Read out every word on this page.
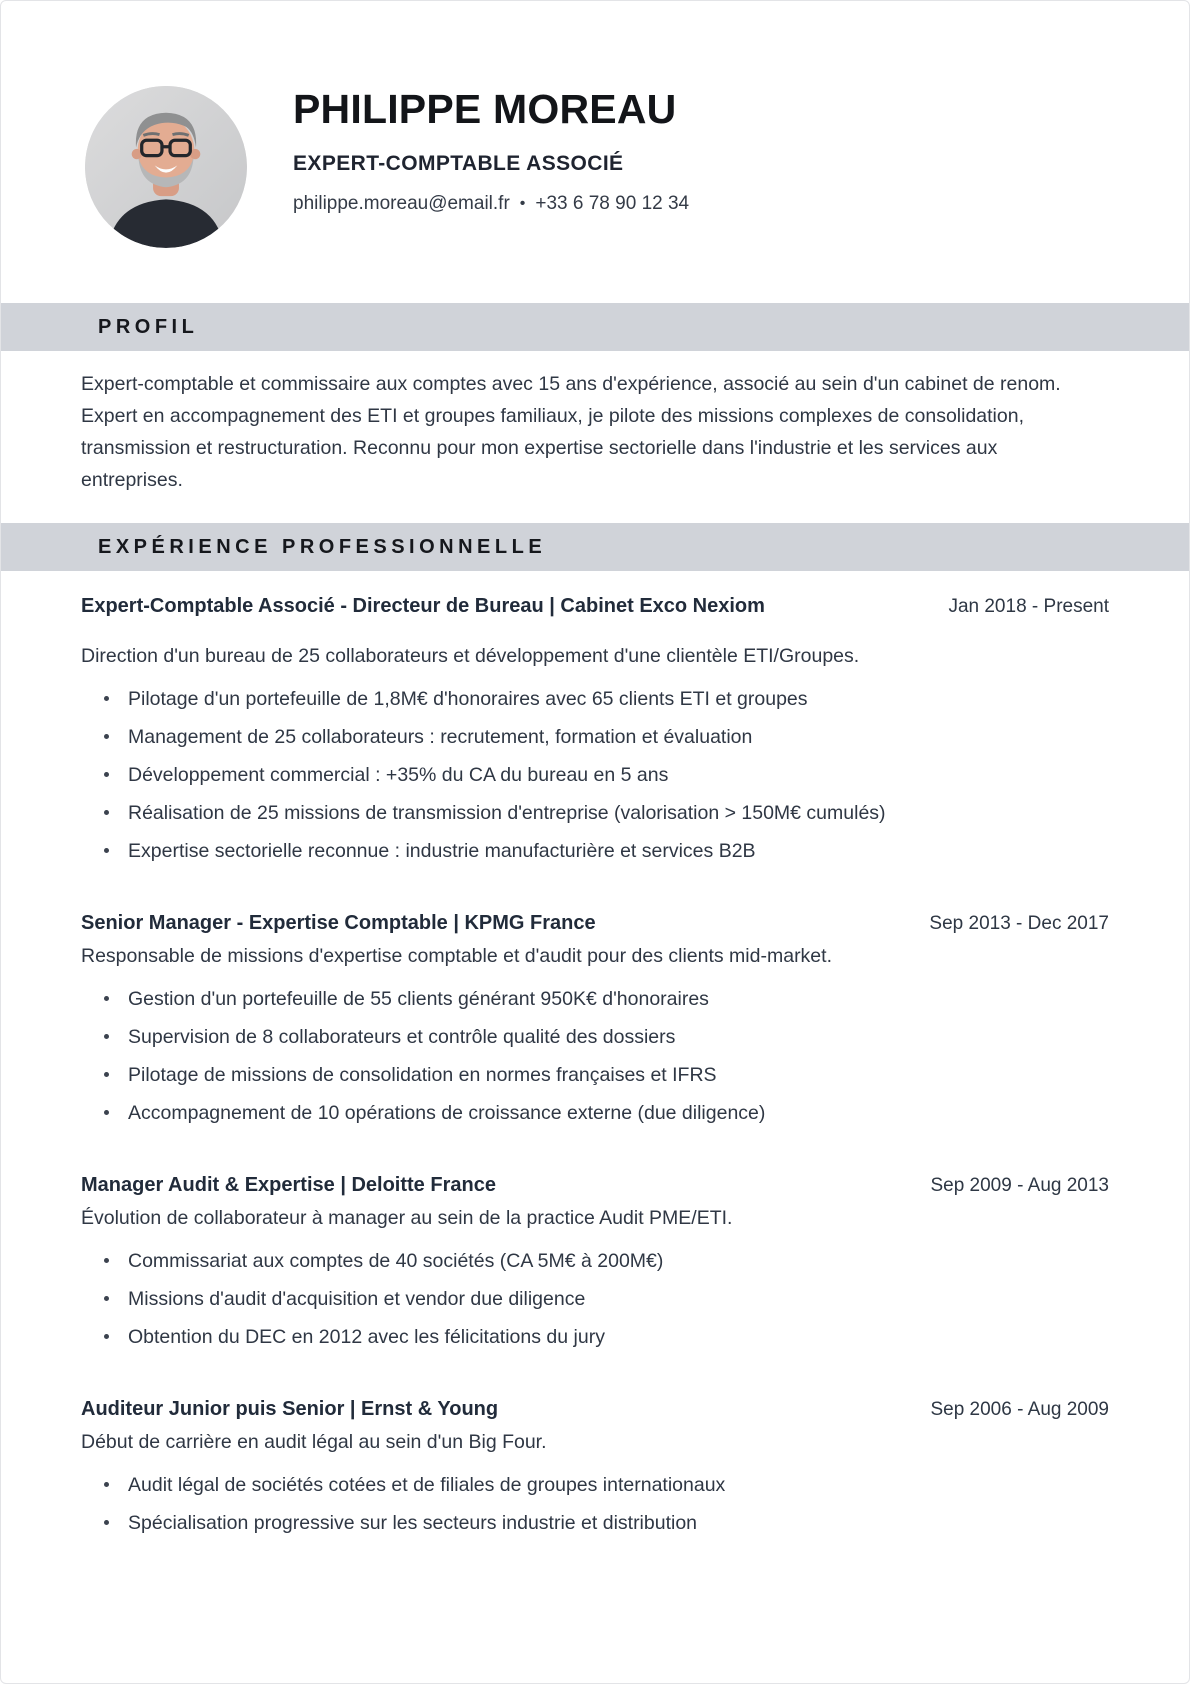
PHILIPPE MOREAU
EXPERT-COMPTABLE ASSOCIÉ
philippe.moreau@email.fr • +33 6 78 90 12 34
PROFIL

Expert-comptable et commissaire aux comptes avec 15 ans d'expérience, associé au sein d'un cabinet de renom. Expert en accompagnement des ETI et groupes familiaux, je pilote des missions complexes de consolidation, transmission et restructuration. Reconnu pour mon expertise sectorielle dans l'industrie et les services aux entreprises.

EXPÉRIENCE PROFESSIONNELLE
Expert-Comptable Associé - Directeur de Bureau | Cabinet Exco Nexiom	Jan 2018 - Present
Direction d'un bureau de 25 collaborateurs et développement d'une clientèle ETI/Groupes.
Pilotage d'un portefeuille de 1,8M€ d'honoraires avec 65 clients ETI et groupes
Management de 25 collaborateurs : recrutement, formation et évaluation
Développement commercial : +35% du CA du bureau en 5 ans
Réalisation de 25 missions de transmission d'entreprise (valorisation > 150M€ cumulés)
Expertise sectorielle reconnue : industrie manufacturière et services B2B
Senior Manager - Expertise Comptable | KPMG France	Sep 2013 - Dec 2017
Responsable de missions d'expertise comptable et d'audit pour des clients mid-market.
Gestion d'un portefeuille de 55 clients générant 950K€ d'honoraires
Supervision de 8 collaborateurs et contrôle qualité des dossiers
Pilotage de missions de consolidation en normes françaises et IFRS
Accompagnement de 10 opérations de croissance externe (due diligence)
Manager Audit & Expertise | Deloitte France	Sep 2009 - Aug 2013
Évolution de collaborateur à manager au sein de la practice Audit PME/ETI.
Commissariat aux comptes de 40 sociétés (CA 5M€ à 200M€)
Missions d'audit d'acquisition et vendor due diligence
Obtention du DEC en 2012 avec les félicitations du jury
Auditeur Junior puis Senior | Ernst & Young	Sep 2006 - Aug 2009
Début de carrière en audit légal au sein d'un Big Four.
Audit légal de sociétés cotées et de filiales de groupes internationaux
Spécialisation progressive sur les secteurs industrie et distribution
